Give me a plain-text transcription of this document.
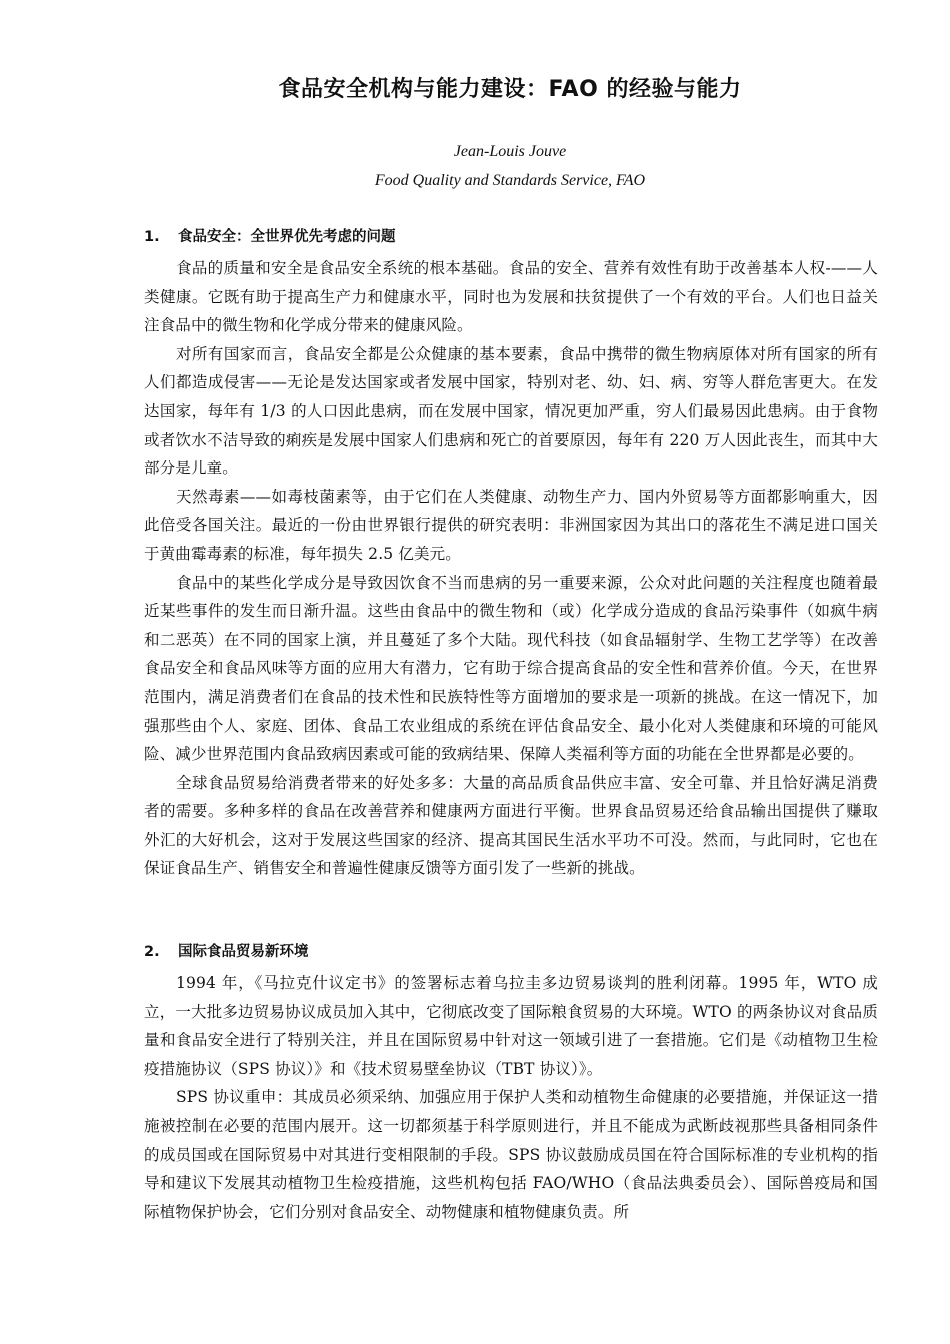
食品安全机构与能力建设：FAO 的经验与能力
Jean-Louis Jouve
Food Quality and Standards Service, FAO
1. 食品安全：全世界优先考虑的问题

食品的质量和安全是食品安全系统的根本基础。食品的安全、营养有效性有助于改善基本人权-——人类健康。它既有助于提高生产力和健康水平，同时也为发展和扶贫提供了一个有效的平台。人们也日益关注食品中的微生物和化学成分带来的健康风险。

对所有国家而言，食品安全都是公众健康的基本要素，食品中携带的微生物病原体对所有国家的所有人们都造成侵害——无论是发达国家或者发展中国家，特别对老、幼、妇、病、穷等人群危害更大。在发达国家，每年有 1/3 的人口因此患病，而在发展中国家，情况更加严重，穷人们最易因此患病。由于食物或者饮水不洁导致的痢疾是发展中国家人们患病和死亡的首要原因，每年有 220 万人因此丧生，而其中大部分是儿童。

天然毒素——如毒枝菌素等，由于它们在人类健康、动物生产力、国内外贸易等方面都影响重大，因此倍受各国关注。最近的一份由世界银行提供的研究表明：非洲国家因为其出口的落花生不满足进口国关于黄曲霉毒素的标准，每年损失 2.5 亿美元。

食品中的某些化学成分是导致因饮食不当而患病的另一重要来源，公众对此问题的关注程度也随着最近某些事件的发生而日渐升温。这些由食品中的微生物和（或）化学成分造成的食品污染事件（如疯牛病和二恶英）在不同的国家上演，并且蔓延了多个大陆。现代科技（如食品辐射学、生物工艺学等）在改善食品安全和食品风味等方面的应用大有潜力，它有助于综合提高食品的安全性和营养价值。今天，在世界范围内，满足消费者们在食品的技术性和民族特性等方面增加的要求是一项新的挑战。在这一情况下，加强那些由个人、家庭、团体、食品工农业组成的系统在评估食品安全、最小化对人类健康和环境的可能风险、减少世界范围内食品致病因素或可能的致病结果、保障人类福利等方面的功能在全世界都是必要的。

全球食品贸易给消费者带来的好处多多：大量的高品质食品供应丰富、安全可靠、并且恰好满足消费者的需要。多种多样的食品在改善营养和健康两方面进行平衡。世界食品贸易还给食品输出国提供了赚取外汇的大好机会，这对于发展这些国家的经济、提高其国民生活水平功不可没。然而，与此同时，它也在保证食品生产、销售安全和普遍性健康反馈等方面引发了一些新的挑战。

2. 国际食品贸易新环境

1994 年，《马拉克什议定书》的签署标志着乌拉圭多边贸易谈判的胜利闭幕。1995 年，WTO 成立，一大批多边贸易协议成员加入其中，它彻底改变了国际粮食贸易的大环境。WTO 的两条协议对食品质量和食品安全进行了特别关注，并且在国际贸易中针对这一领域引进了一套措施。它们是《动植物卫生检疫措施协议（SPS 协议）》和《技术贸易壁垒协议（TBT 协议）》。

SPS 协议重申：其成员必须采纳、加强应用于保护人类和动植物生命健康的必要措施，并保证这一措施被控制在必要的范围内展开。这一切都须基于科学原则进行，并且不能成为武断歧视那些具备相同条件的成员国或在国际贸易中对其进行变相限制的手段。SPS 协议鼓励成员国在符合国际标准的专业机构的指导和建议下发展其动植物卫生检疫措施，这些机构包括 FAO/WHO（食品法典委员会）、国际兽疫局和国际植物保护协会，它们分别对食品安全、动物健康和植物健康负责。所
